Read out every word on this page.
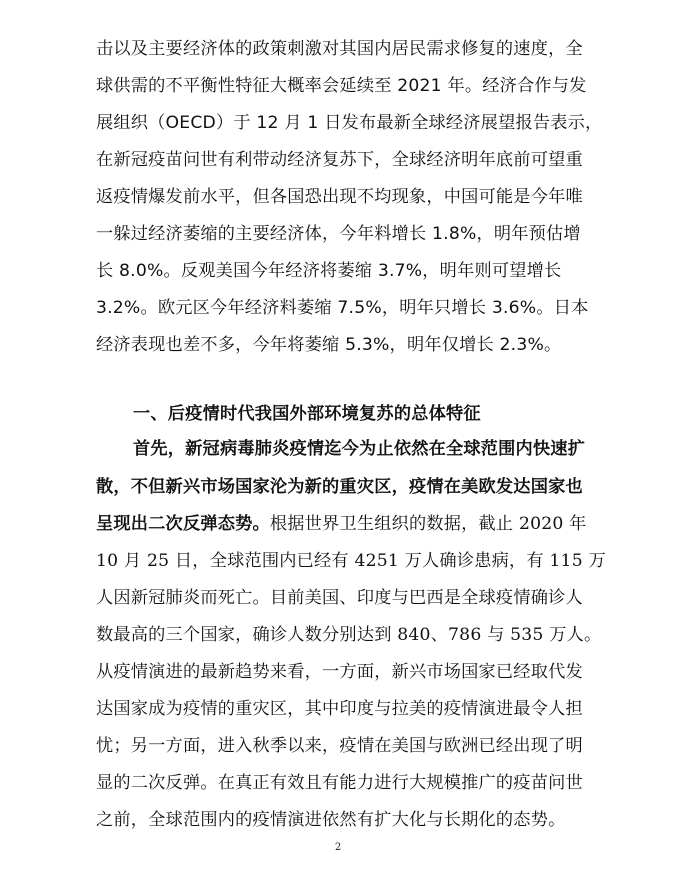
击以及主要经济体的政策刺激对其国内居民需求修复的速度，全
球供需的不平衡性特征大概率会延续至 2021 年。经济合作与发
展组织（OECD）于 12 月 1 日发布最新全球经济展望报告表示，
在新冠疫苗问世有利带动经济复苏下，全球经济明年底前可望重
返疫情爆发前水平，但各国恐出现不均现象，中国可能是今年唯
一躲过经济萎缩的主要经济体，今年料增长 1.8%，明年预估增
长 8.0%。反观美国今年经济将萎缩 3.7%，明年则可望增长
3.2%。欧元区今年经济料萎缩 7.5%，明年只增长 3.6%。日本
经济表现也差不多，今年将萎缩 5.3%，明年仅增长 2.3%。
一、后疫情时代我国外部环境复苏的总体特征
首先，新冠病毒肺炎疫情迄今为止依然在全球范围内快速扩
散，不但新兴市场国家沦为新的重灾区，疫情在美欧发达国家也
呈现出二次反弹态势。根据世界卫生组织的数据，截止 2020 年
10 月 25 日，全球范围内已经有 4251 万人确诊患病，有 115 万
人因新冠肺炎而死亡。目前美国、印度与巴西是全球疫情确诊人
数最高的三个国家，确诊人数分别达到 840、786 与 535 万人。
从疫情演进的最新趋势来看，一方面，新兴市场国家已经取代发
达国家成为疫情的重灾区，其中印度与拉美的疫情演进最令人担
忧；另一方面，进入秋季以来，疫情在美国与欧洲已经出现了明
显的二次反弹。在真正有效且有能力进行大规模推广的疫苗问世
之前，全球范围内的疫情演进依然有扩大化与长期化的态势。
2
